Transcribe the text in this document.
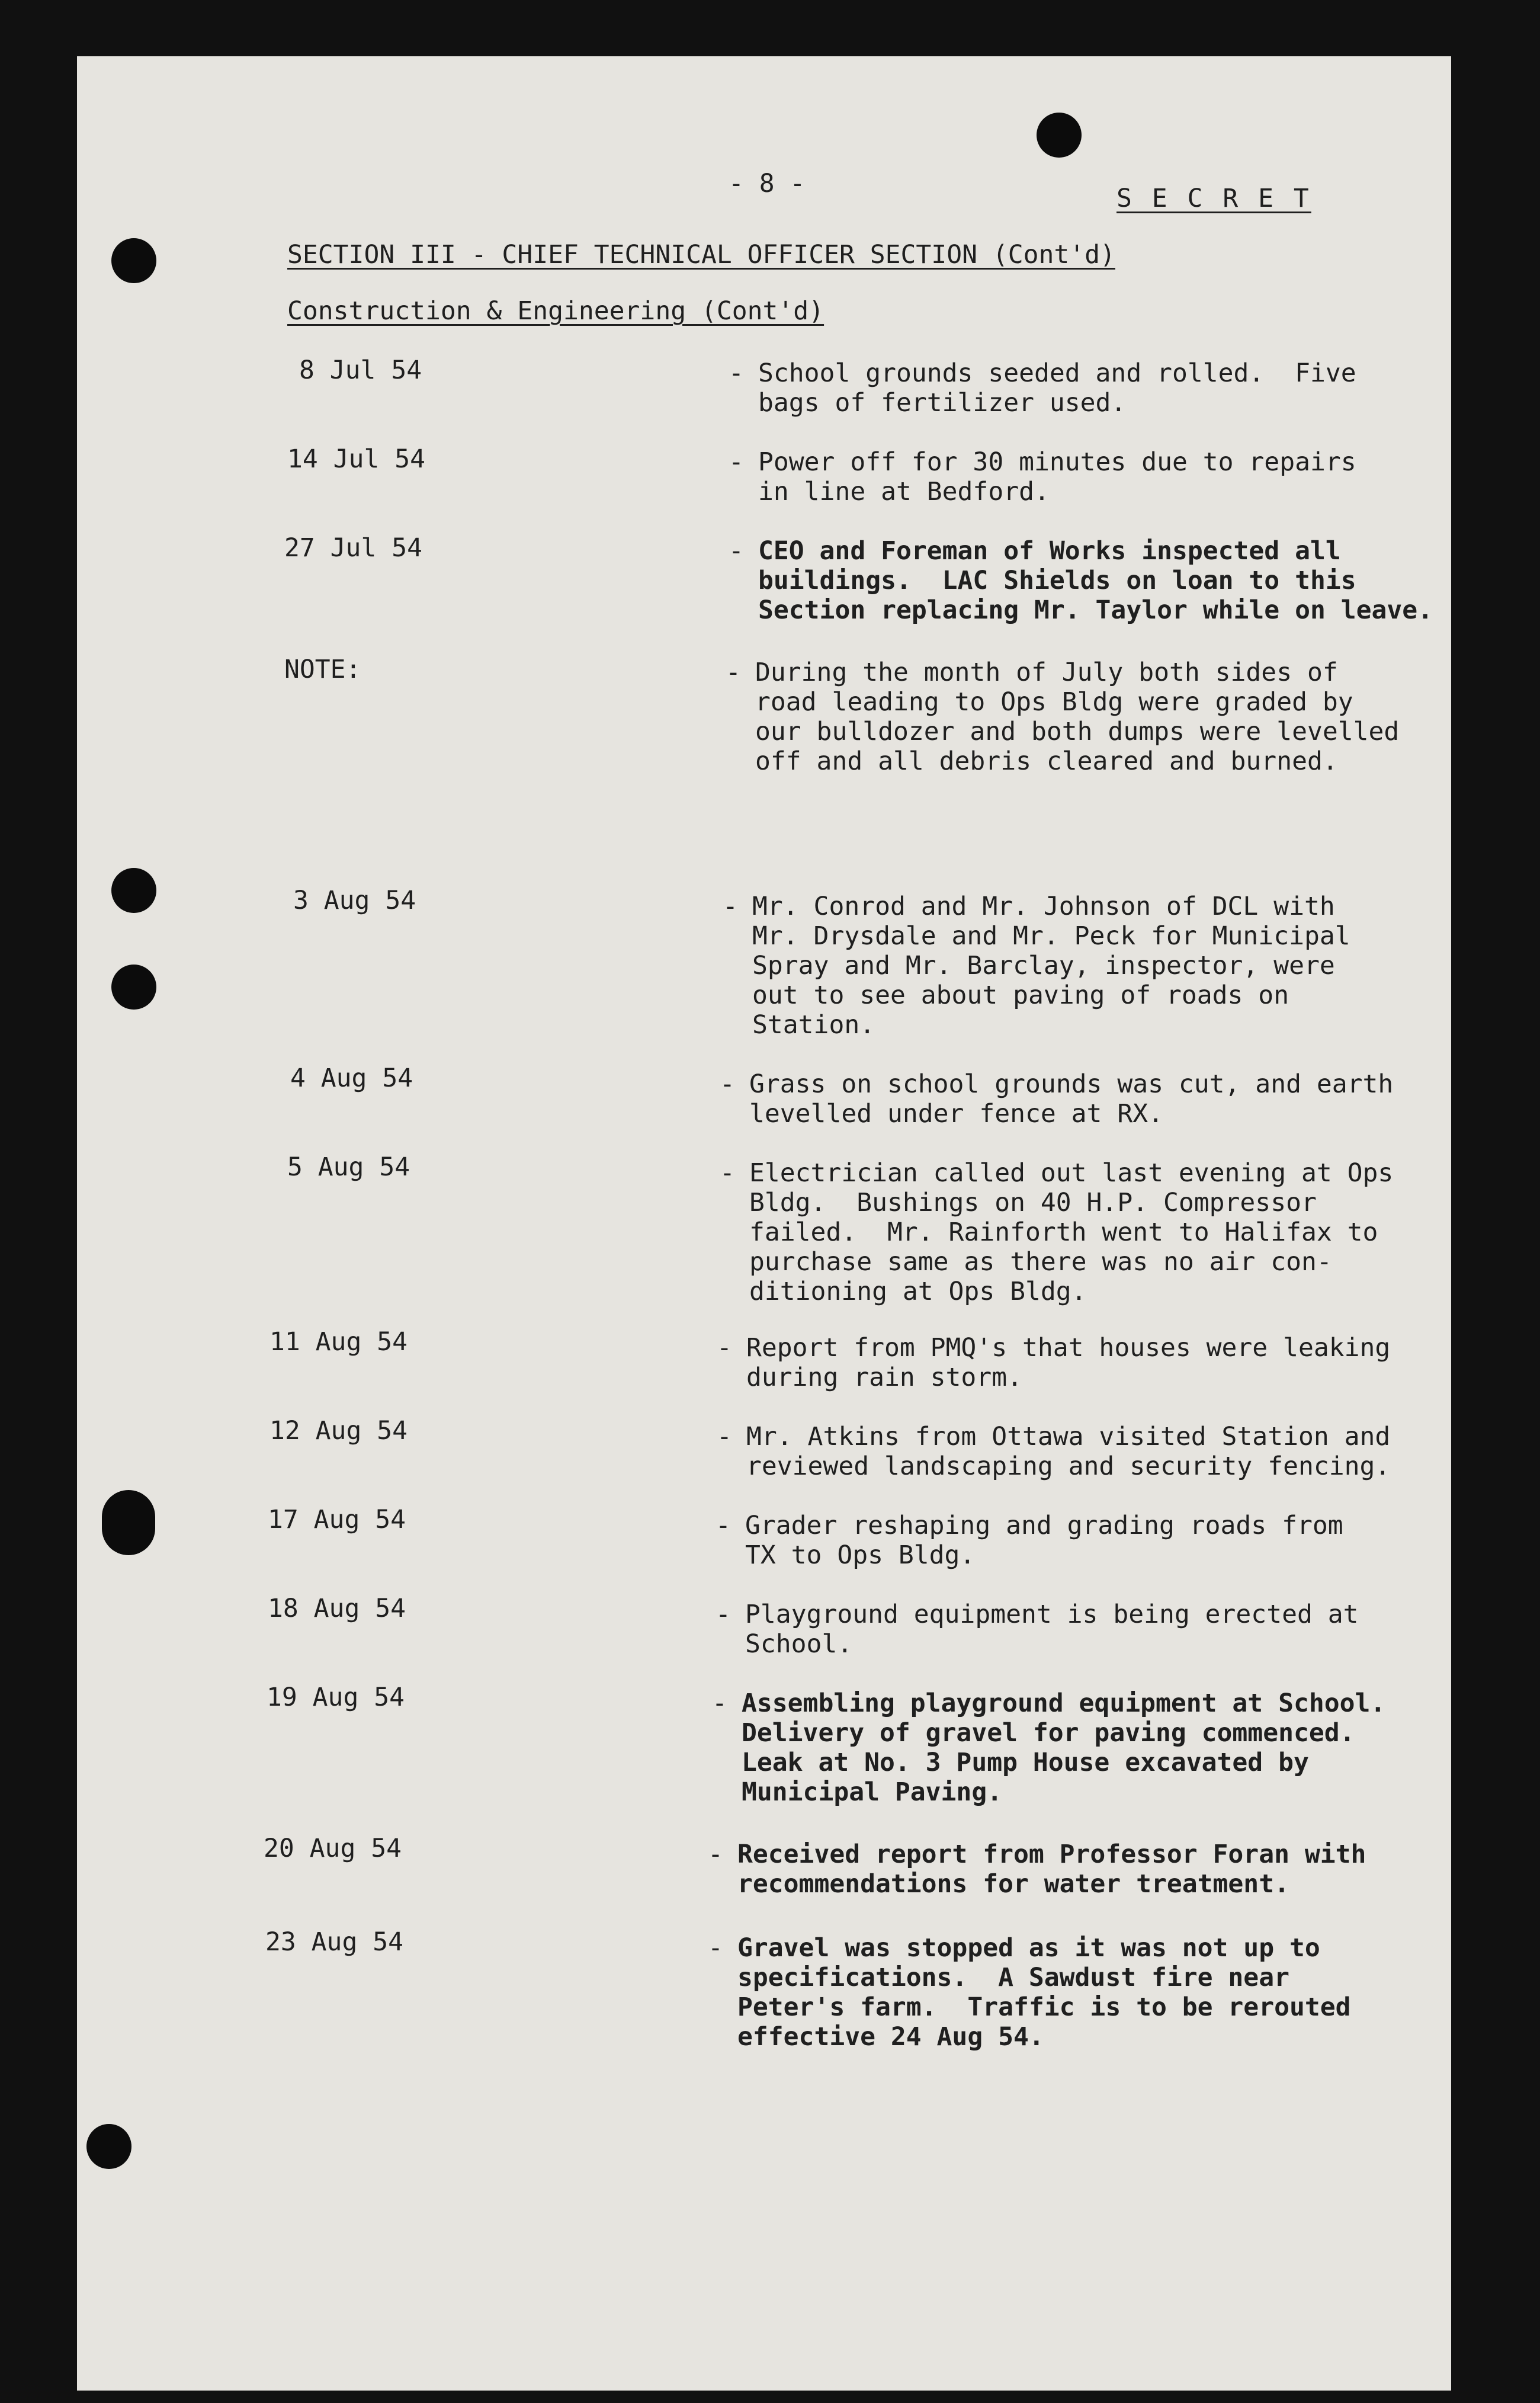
- 8 -	S E C R E T

SECTION III - CHIEF TECHNICAL OFFICER SECTION (Cont'd)

Construction & Engineering (Cont'd)

8 Jul 54	- School grounds seeded and rolled.  Five
bags of fertilizer used.

14 Jul 54	- Power off for 30 minutes due to repairs
in line at Bedford.

27 Jul 54	- CEO and Foreman of Works inspected all
buildings.  LAC Shields on loan to this
Section replacing Mr. Taylor while on leave.

NOTE:	- During the month of July both sides of
road leading to Ops Bldg were graded by
our bulldozer and both dumps were levelled
off and all debris cleared and burned.

3 Aug 54	- Mr. Conrod and Mr. Johnson of DCL with
Mr. Drysdale and Mr. Peck for Municipal
Spray and Mr. Barclay, inspector, were
out to see about paving of roads on
Station.

4 Aug 54	- Grass on school grounds was cut, and earth
levelled under fence at RX.

5 Aug 54	- Electrician called out last evening at Ops
Bldg.  Bushings on 40 H.P. Compressor
failed.  Mr. Rainforth went to Halifax to
purchase same as there was no air con-
ditioning at Ops Bldg.

11 Aug 54	- Report from PMQ's that houses were leaking
during rain storm.

12 Aug 54	- Mr. Atkins from Ottawa visited Station and
reviewed landscaping and security fencing.

17 Aug 54	- Grader reshaping and grading roads from
TX to Ops Bldg.

18 Aug 54	- Playground equipment is being erected at
School.

19 Aug 54	- Assembling playground equipment at School.
Delivery of gravel for paving commenced.
Leak at No. 3 Pump House excavated by
Municipal Paving.

20 Aug 54	- Received report from Professor Foran with
recommendations for water treatment.

23 Aug 54	- Gravel was stopped as it was not up to
specifications.  A Sawdust fire near
Peter's farm.  Traffic is to be rerouted
effective 24 Aug 54.
